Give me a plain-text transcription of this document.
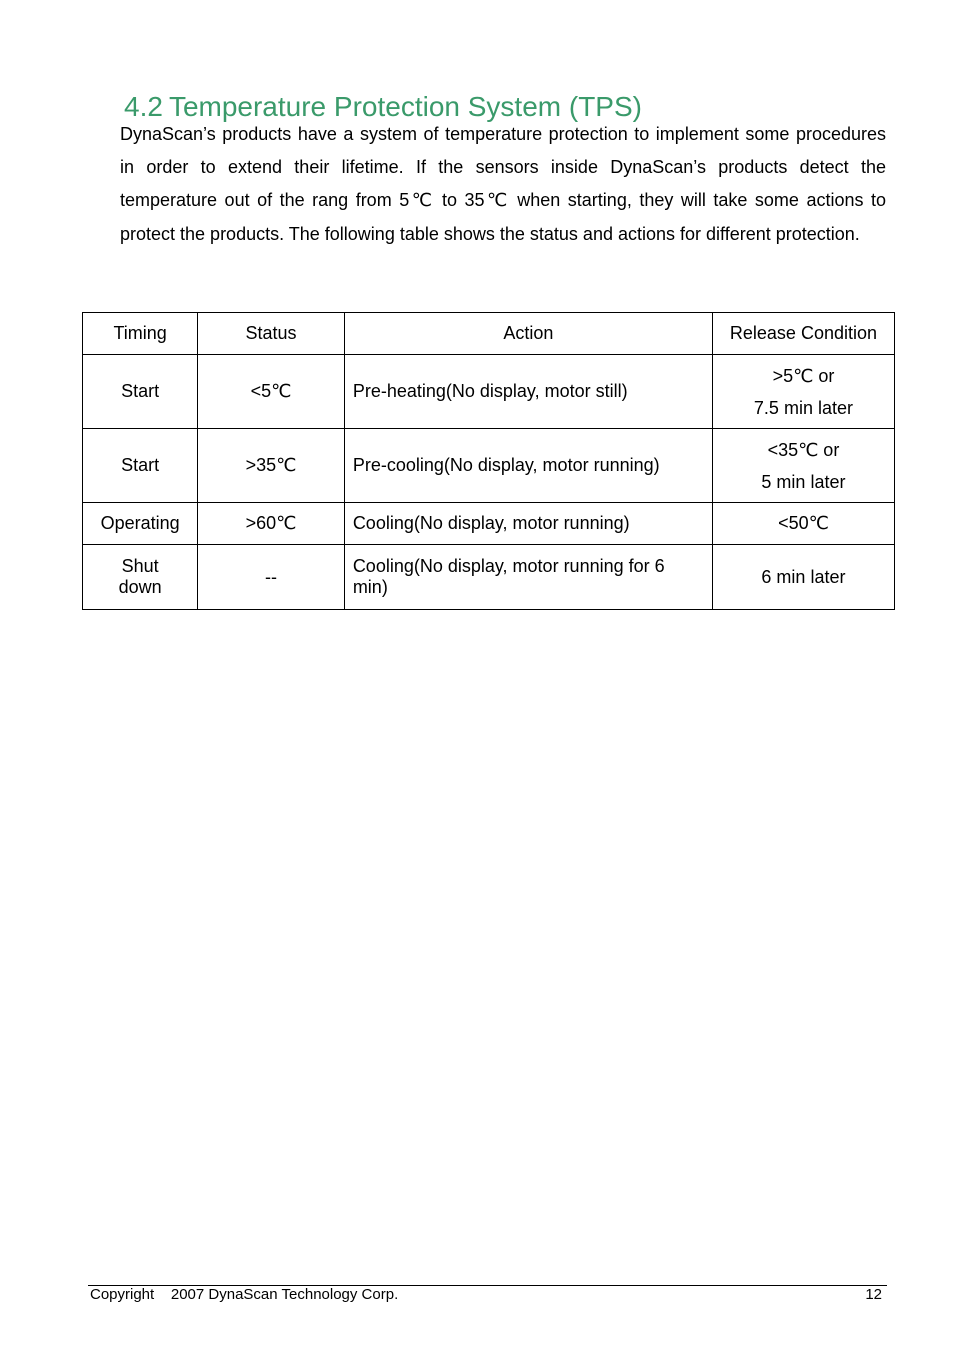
4.2 Temperature Protection System (TPS)

DynaScan’s products have a system of temperature protection to implement some procedures in order to extend their lifetime. If the sensors inside DynaScan’s products detect the temperature out of the rang from 5℃ to 35℃ when starting, they will take some actions to protect the products. The following table shows the status and actions for different protection.

Timing	Status	Action	Release Condition
Start	<5℃	Pre-heating(No display, motor still)	>5℃ or
7.5 min later

Start	>35℃	Pre-cooling(No display, motor running)	<35℃ or
5 min later

Operating	>60℃	Cooling(No display, motor running)	<50℃

Shut
down	--	Cooling(No display, motor running for 6 min)	6 min later
Copyright    2007 DynaScan Technology Corp.	12
